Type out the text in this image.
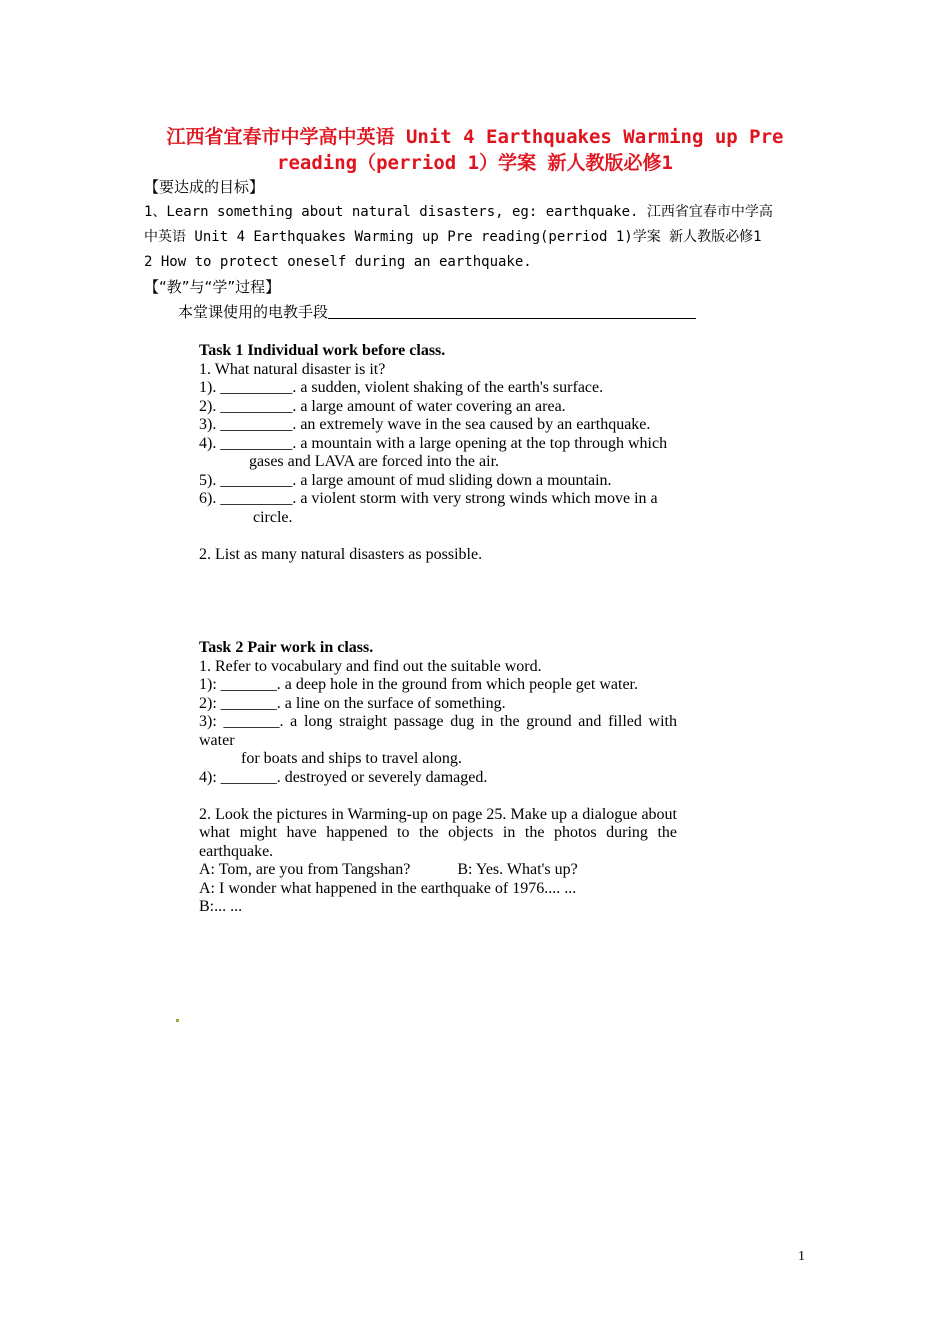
江西省宜春市中学高中英语 Unit 4 Earthquakes Warming up Pre
reading（perriod 1）学案 新人教版必修1
【要达成的目标】
1、Learn something about natural disasters, eg: earthquake. 江西省宜春市中学高
中英语 Unit 4 Earthquakes Warming up Pre reading(perriod 1)学案 新人教版必修1
2 How to protect oneself during an earthquake.
【“教”与“学”过程】
本堂课使用的电教手段
Task 1 Individual work before class.
1. What natural disaster is it?
1). _________. a sudden, violent shaking of the earth's surface.
2). _________. a large amount of water covering an area.
3). _________. an extremely wave in the sea caused by an earthquake.
4). _________. a mountain with a large opening at the top through which
gases and LAVA are forced into the air.
5). _________. a large amount of mud sliding down a mountain.
6). _________. a violent storm with very strong winds which move in a
circle.
2. List as many natural disasters as possible.
Task 2 Pair work in class.
1. Refer to vocabulary and find out the suitable word.
1): _______. a deep hole in the ground from which people get water.
2): _______. a line on the surface of something.
3): _______. a long straight passage dug in the ground and filled with water
for boats and ships to travel along.
4): _______. destroyed or severely damaged.
2. Look the pictures in Warming-up on page 25. Make up a dialogue about what might have happened to the objects in the photos during the earthquake.
A: Tom, are you from Tangshan?	B: Yes. What's up?
A: I wonder what happened in the earthquake of 1976.... ...
B:... ...
1
